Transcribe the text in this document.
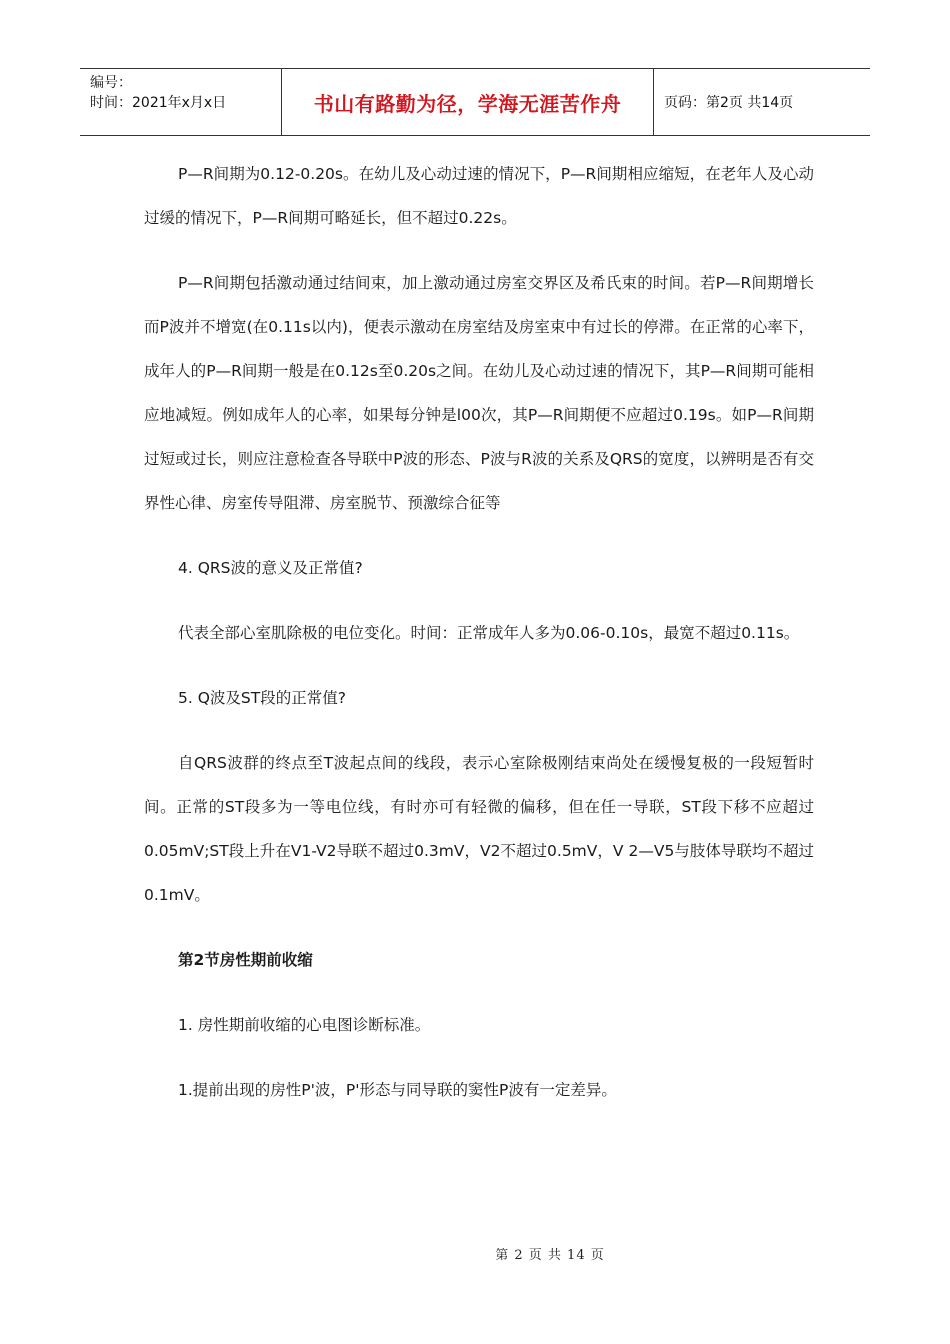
编号：
时间：2021年x月x日	书山有路勤为径，学海无涯苦作舟	页码：第2页 共14页

P—R间期为0.12-0.20s。在幼儿及心动过速的情况下，P—R间期相应缩短，在老年人及心动过缓的情况下，P—R间期可略延长，但不超过0.22s。

P—R间期包括激动通过结间束，加上激动通过房室交界区及希氏束的时间。若P—R间期增长而P波并不增宽(在0.11s以内)，便表示激动在房室结及房室束中有过长的停滞。在正常的心率下，成年人的P—R间期一般是在0.12s至0.20s之间。在幼儿及心动过速的情况下，其P—R间期可能相应地减短。例如成年人的心率，如果每分钟是l00次，其P—R间期便不应超过0.19s。如P—R间期过短或过长，则应注意检查各导联中P波的形态、P波与R波的关系及QRS的宽度，以辨明是否有交界性心律、房室传导阻滞、房室脱节、预激综合征等

4. QRS波的意义及正常值?

代表全部心室肌除极的电位变化。时间：正常成年人多为0.06-0.10s，最宽不超过0.11s。

5. Q波及ST段的正常值?

自QRS波群的终点至T波起点间的线段，表示心室除极刚结束尚处在缓慢复极的一段短暂时间。正常的ST段多为一等电位线，有时亦可有轻微的偏移，但在任一导联，ST段下移不应超过0.05mV;ST段上升在V1-V2导联不超过0.3mV，V2不超过0.5mV，V 2—V5与肢体导联均不超过0.1mV。

第2节房性期前收缩

1. 房性期前收缩的心电图诊断标准。

1.提前出现的房性P'波，P'形态与同导联的窦性P波有一定差异。

第 2 页 共 14 页
